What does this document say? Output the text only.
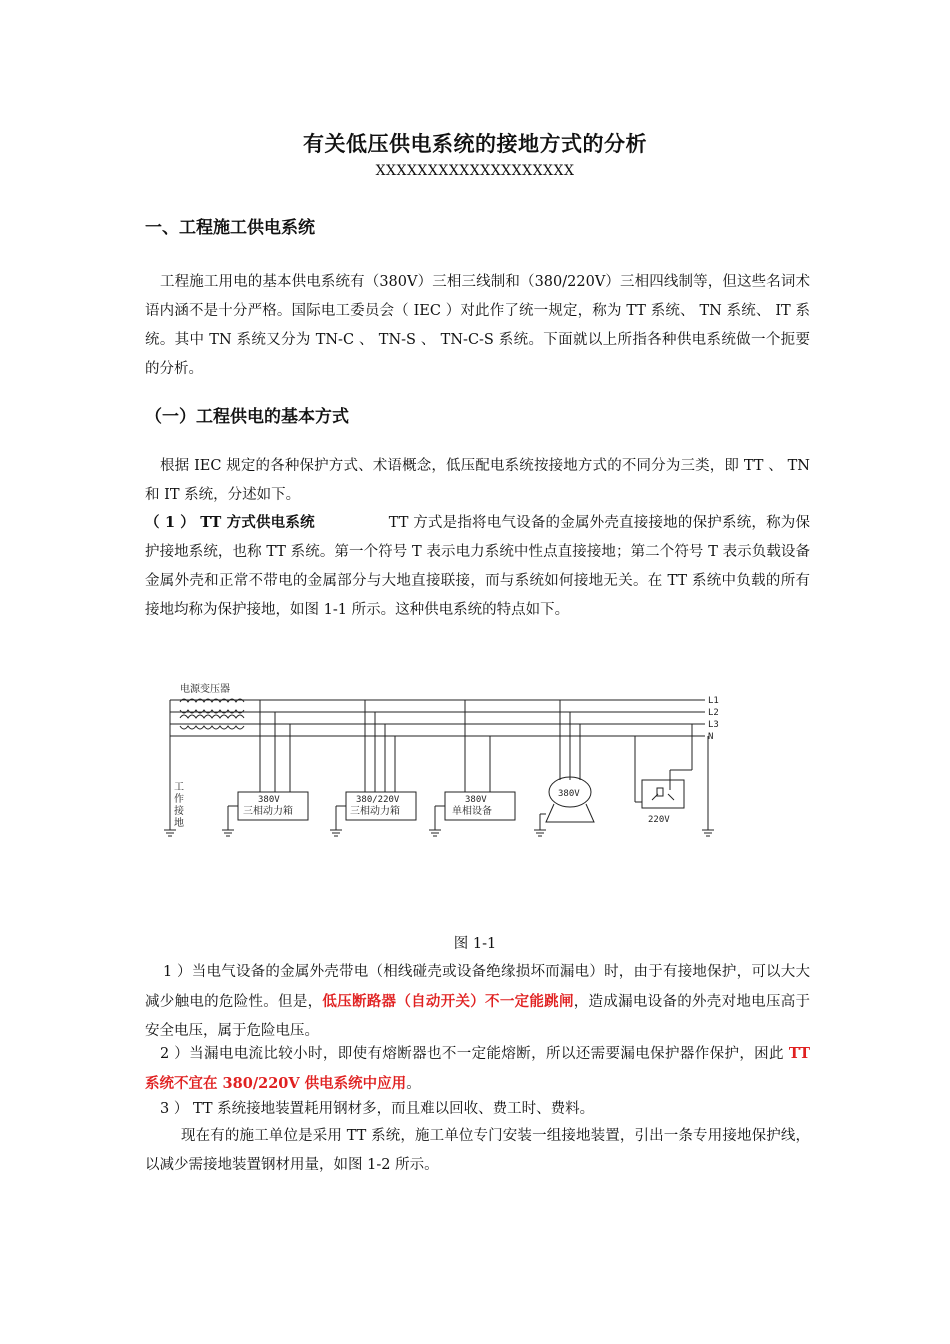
有关低压供电系统的接地方式的分析
XXXXXXXXXXXXXXXXXXX
一、工程施工供电系统

工程施工用电的基本供电系统有（380V）三相三线制和（380/220V）三相四线制等，但这些名词术语内涵不是十分严格。国际电工委员会（ IEC ）对此作了统一规定，称为 TT 系统、 TN 系统、 IT 系统。其中 TN 系统又分为 TN-C 、 TN-S 、 TN-C-S 系统。下面就以上所指各种供电系统做一个扼要的分析。

（一）工程供电的基本方式

根据 IEC 规定的各种保护方式、术语概念，低压配电系统按接地方式的不同分为三类，即 TT 、 TN 和 IT 系统，分述如下。

（ 1 ） TT 方式供电系统	TT 方式是指将电气设备的金属外壳直接接地的保护系统，称为保护接地系统，也称 TT 系统。第一个符号 T 表示电力系统中性点直接接地；第二个符号 T 表示负载设备金属外壳和正常不带电的金属部分与大地直接联接，而与系统如何接地无关。在 TT 系统中负载的所有接地均称为保护接地，如图 1-1 所示。这种供电系统的特点如下。

电源变压器
L1
L2
L3
N
工
作
接
地
380V
三相动力箱
380/220V
三相动力箱
380V
单相设备
380V
220V
图 1-1

1 ）当电气设备的金属外壳带电（相线碰壳或设备绝缘损坏而漏电）时，由于有接地保护，可以大大减少触电的危险性。但是，低压断路器（自动开关）不一定能跳闸，造成漏电设备的外壳对地电压高于安全电压，属于危险电压。

2 ）当漏电电流比较小时，即使有熔断器也不一定能熔断，所以还需要漏电保护器作保护，困此 TT 系统不宜在 380/220V 供电系统中应用。

3 ） TT 系统接地装置耗用钢材多，而且难以回收、费工时、费料。

现在有的施工单位是采用 TT 系统，施工单位专门安装一组接地装置，引出一条专用接地保护线，以减少需接地装置钢材用量，如图 1-2 所示。
